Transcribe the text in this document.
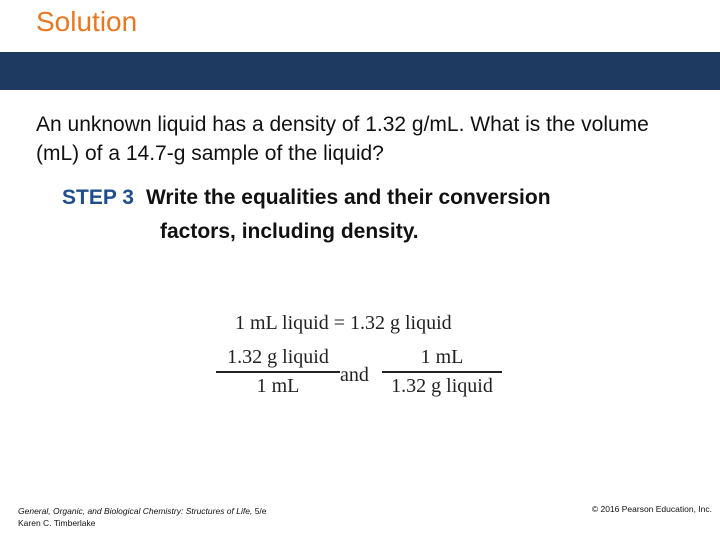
Solution
An unknown liquid has a density of 1.32 g/mL. What is the volume (mL) of a 14.7-g sample of the liquid?
STEP 3 Write the equalities and their conversion
factors, including density.
1 mL liquid = 1.32 g liquid
1.32 g liquid
1 mL	and
1 mL
1.32 g liquid
General, Organic, and Biological Chemistry: Structures of Life, 5/e
Karen C. Timberlake
© 2016 Pearson Education, Inc.
